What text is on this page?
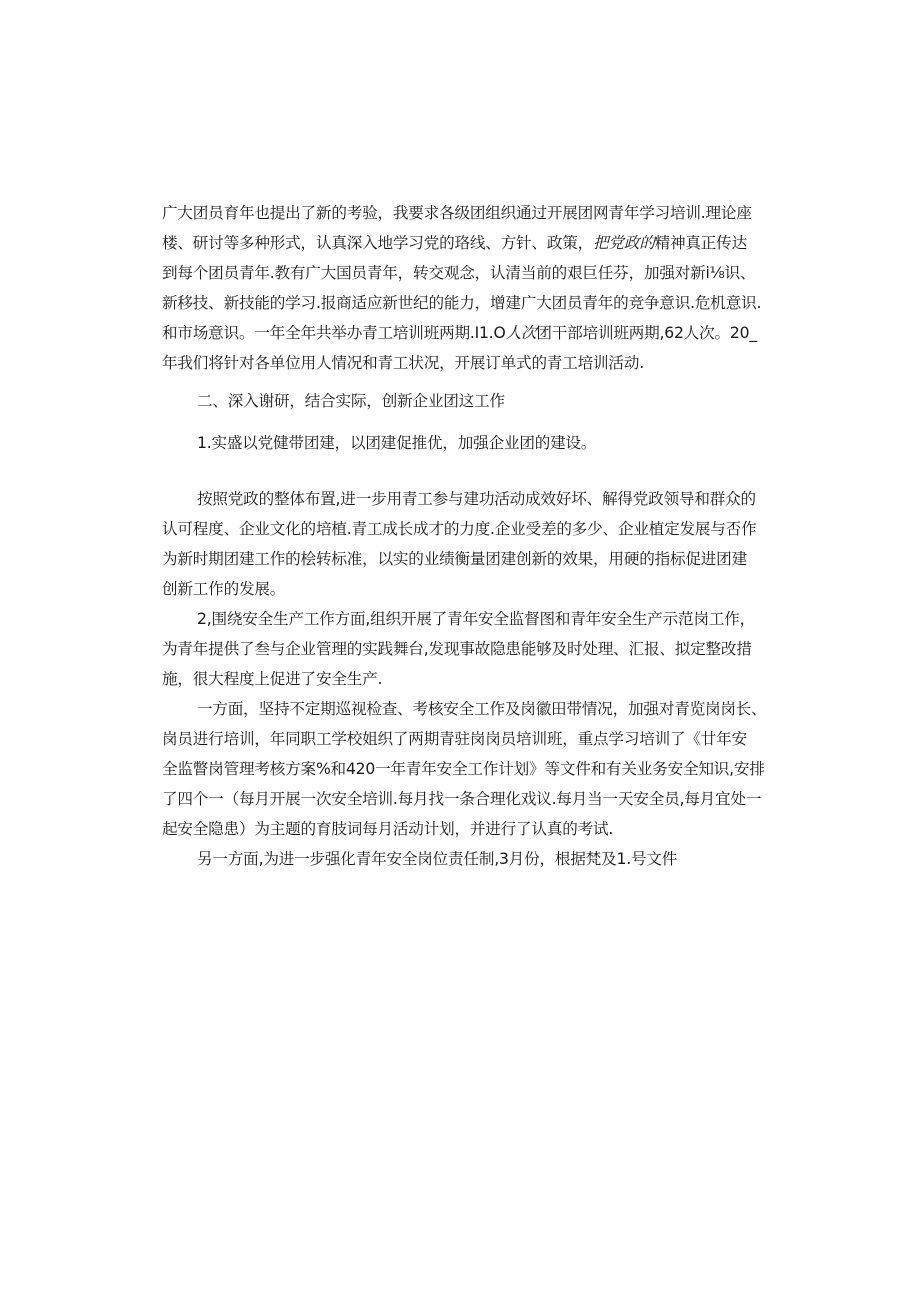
广大团员育年也提出了新的考验，我要求各级团组织通过开展团网青年学习培训.理论座
楼、研讨等多种形式，认真深入地学习党的珞线、方针、政策，把党政的精神真正传达
到每个团员青年.教有广大国员青年，转交观念，认清当前的艰巨任芬，加强对新i⅛识、
新移技、新技能的学习.报商适应新世纪的能力，增建广大团员青年的竞争意识.危机意识.
和市场意识。一年全年共举办青工培训班两期.I1.O人次团干部培训班两期,62人次。20_
年我们将针对各单位用人情况和青工状况，开展订单式的青工培训活动.
二、深入谢研，结合实际，创新企业团这工作
1.实盛以党健带团建，以团建促推优，加强企业团的建设。
按照党政的整体布置,进一步用青工参与建功活动成效好坏、解得党政领导和群众的
认可程度、企业文化的培植.青工成长成才的力度.企业受差的多少、企业植定发展与否作
为新时期团建工作的桧转标准，以实的业绩衡量团建创新的效果，用硬的指标促进团建
创新工作的发展。
2,围绕安全生产工作方面,组织开展了青年安全监督图和青年安全生产示范岗工作，
为青年提供了叁与企业管理的实践舞台,发现事故隐患能够及时处理、汇报、拟定整改措
施，很大程度上促进了安全生产.
一方面，坚持不定期巡视检查、考核安全工作及岗徽田带情况，加强对青览岗岗长、
岗员进行培训，年同职工学校姐织了两期青驻岗岗员培训班，重点学习培训了《廿年安
全监瞥岗管理考核方案%和420一年青年安全工作计划》等文件和有关业务安全知识,安排
了四个一（每月开展一次安全培训.每月找一条合理化戏议.每月当一天安全员,每月宜处一
起安全隐患）为主题的育肢词每月活动计划，并进行了认真的考试.
另一方面,为进一步强化青年安全岗位责任制,3月份，根据梵及1.号文件
